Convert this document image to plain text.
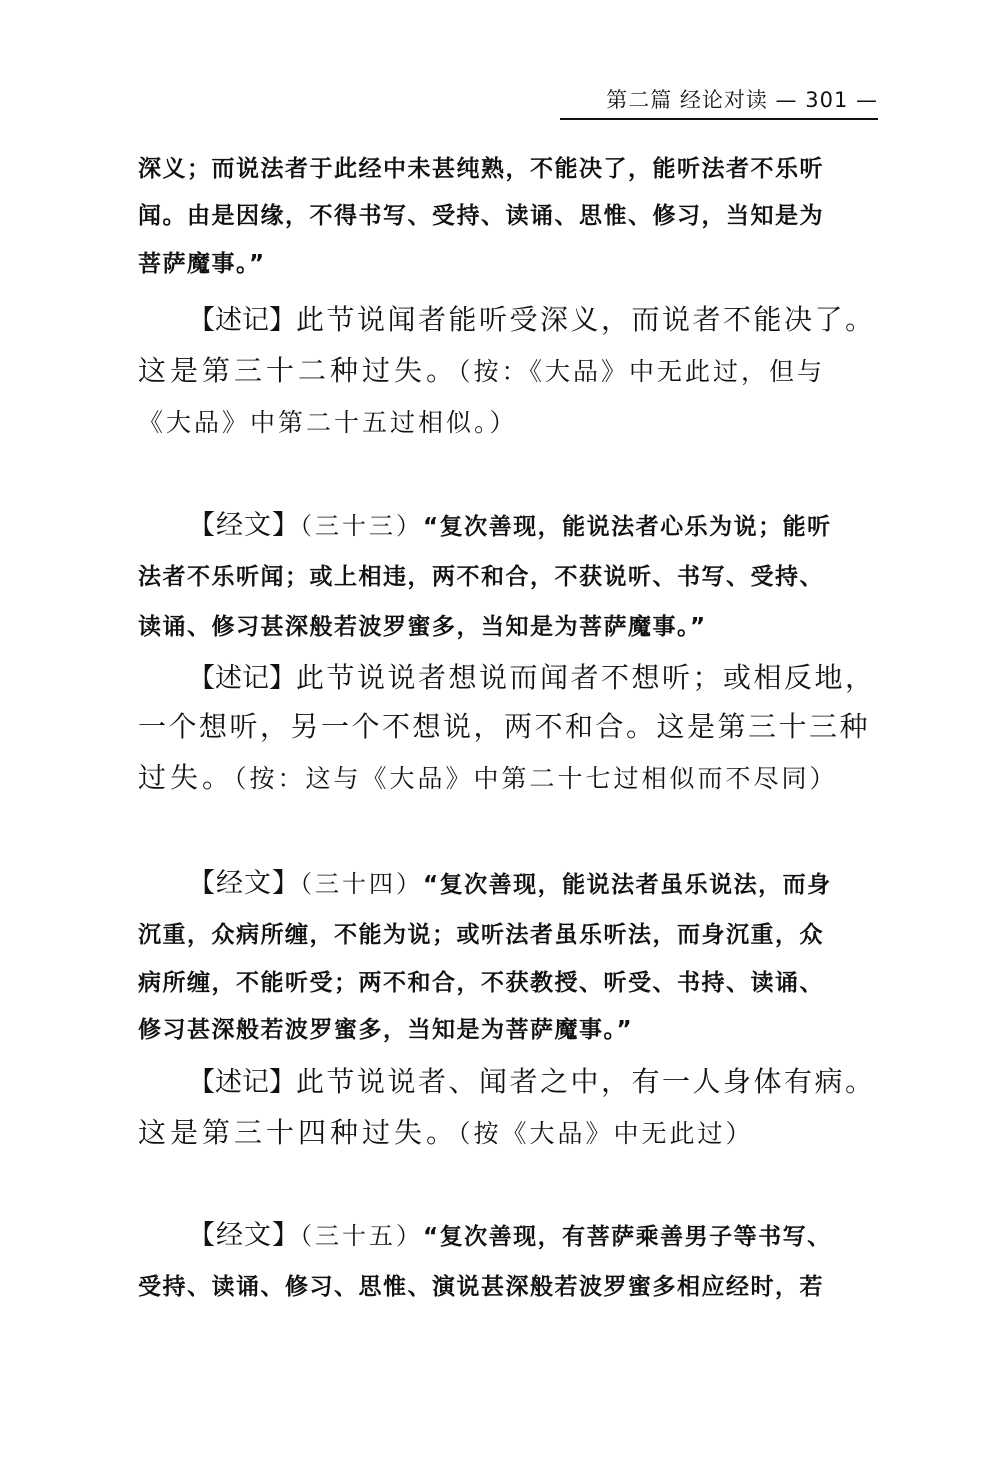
第二篇 经论对读 — 301 —
深义；而说法者于此经中未甚纯熟，不能决了，能听法者不乐听
闻。由是因缘，不得书写、受持、读诵、思惟、修习，当知是为
菩萨魔事。”
【述记】此节说闻者能听受深义，而说者不能决了。
这是第三十二种过失。（按：《大品》中无此过，但与
《大品》中第二十五过相似。）
【经文】（三十三）“复次善现，能说法者心乐为说；能听
法者不乐听闻；或上相违，两不和合，不获说听、书写、受持、
读诵、修习甚深般若波罗蜜多，当知是为菩萨魔事。”
【述记】此节说说者想说而闻者不想听；或相反地，
一个想听，另一个不想说，两不和合。这是第三十三种
过失。（按：这与《大品》中第二十七过相似而不尽同）
【经文】（三十四）“复次善现，能说法者虽乐说法，而身
沉重，众病所缠，不能为说；或听法者虽乐听法，而身沉重，众
病所缠，不能听受；两不和合，不获教授、听受、书持、读诵、
修习甚深般若波罗蜜多，当知是为菩萨魔事。”
【述记】此节说说者、闻者之中，有一人身体有病。
这是第三十四种过失。（按《大品》中无此过）
【经文】（三十五）“复次善现，有菩萨乘善男子等书写、
受持、读诵、修习、思惟、演说甚深般若波罗蜜多相应经时，若
